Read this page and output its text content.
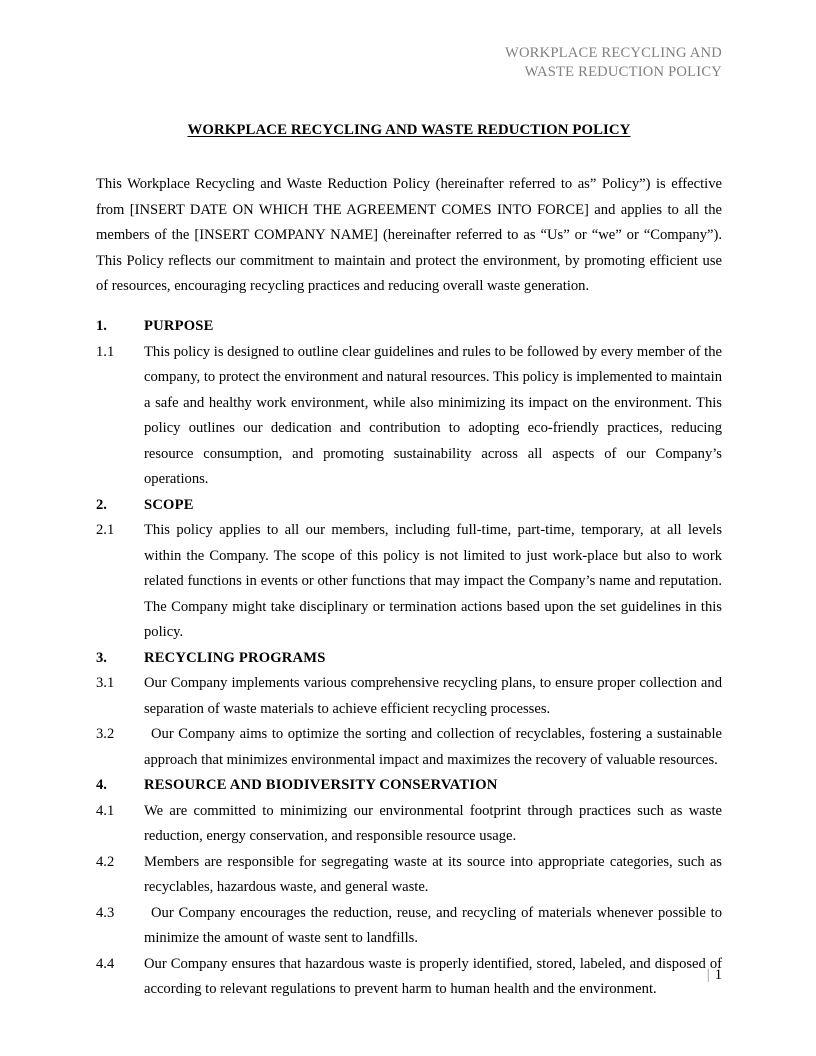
WORKPLACE RECYCLING AND
WASTE REDUCTION POLICY
WORKPLACE RECYCLING AND WASTE REDUCTION POLICY

This Workplace Recycling and Waste Reduction Policy (hereinafter referred to as” Policy”) is effective from [INSERT DATE ON WHICH THE AGREEMENT COMES INTO FORCE] and applies to all the members of the [INSERT COMPANY NAME] (hereinafter referred to as “Us” or “we” or “Company”). This Policy reflects our commitment to maintain and protect the environment, by promoting efficient use of resources, encouraging recycling practices and reducing overall waste generation.

1.	PURPOSE
1.1	This policy is designed to outline clear guidelines and rules to be followed by every member of the company, to protect the environment and natural resources. This policy is implemented to maintain a safe and healthy work environment, while also minimizing its impact on the environment. This policy outlines our dedication and contribution to adopting eco-friendly practices, reducing resource consumption, and promoting sustainability across all aspects of our Company’s operations.
2.	SCOPE
2.1	This policy applies to all our members, including full-time, part-time, temporary, at all levels within the Company. The scope of this policy is not limited to just work-place but also to work related functions in events or other functions that may impact the Company’s name and reputation. The Company might take disciplinary or termination actions based upon the set guidelines in this policy.
3.	RECYCLING PROGRAMS
3.1	Our Company implements various comprehensive recycling plans, to ensure proper collection and separation of waste materials to achieve efficient recycling processes.
3.2	Our Company aims to optimize the sorting and collection of recyclables, fostering a sustainable approach that minimizes environmental impact and maximizes the recovery of valuable resources.
4.	RESOURCE AND BIODIVERSITY CONSERVATION
4.1	We are committed to minimizing our environmental footprint through practices such as waste reduction, energy conservation, and responsible resource usage.
4.2	Members are responsible for segregating waste at its source into appropriate categories, such as recyclables, hazardous waste, and general waste.
4.3	Our Company encourages the reduction, reuse, and recycling of materials whenever possible to minimize the amount of waste sent to landfills.
4.4	Our Company ensures that hazardous waste is properly identified, stored, labeled, and disposed of according to relevant regulations to prevent harm to human health and the environment.
| 1
